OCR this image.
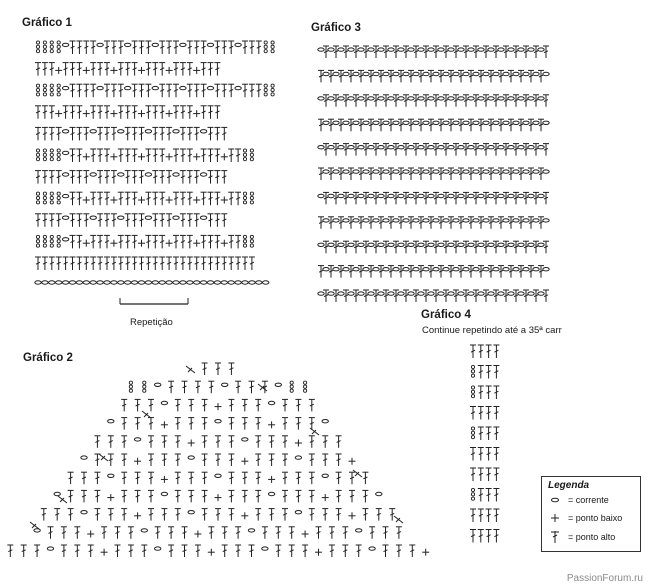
Gráfico 1	Gráfico 3
Gráfico 2
Gráfico 4
Continue repetindo até a 35ª carr
Repetição
Legenda
= corrente
= ponto baixo
= ponto alto
PassionForum.ru
